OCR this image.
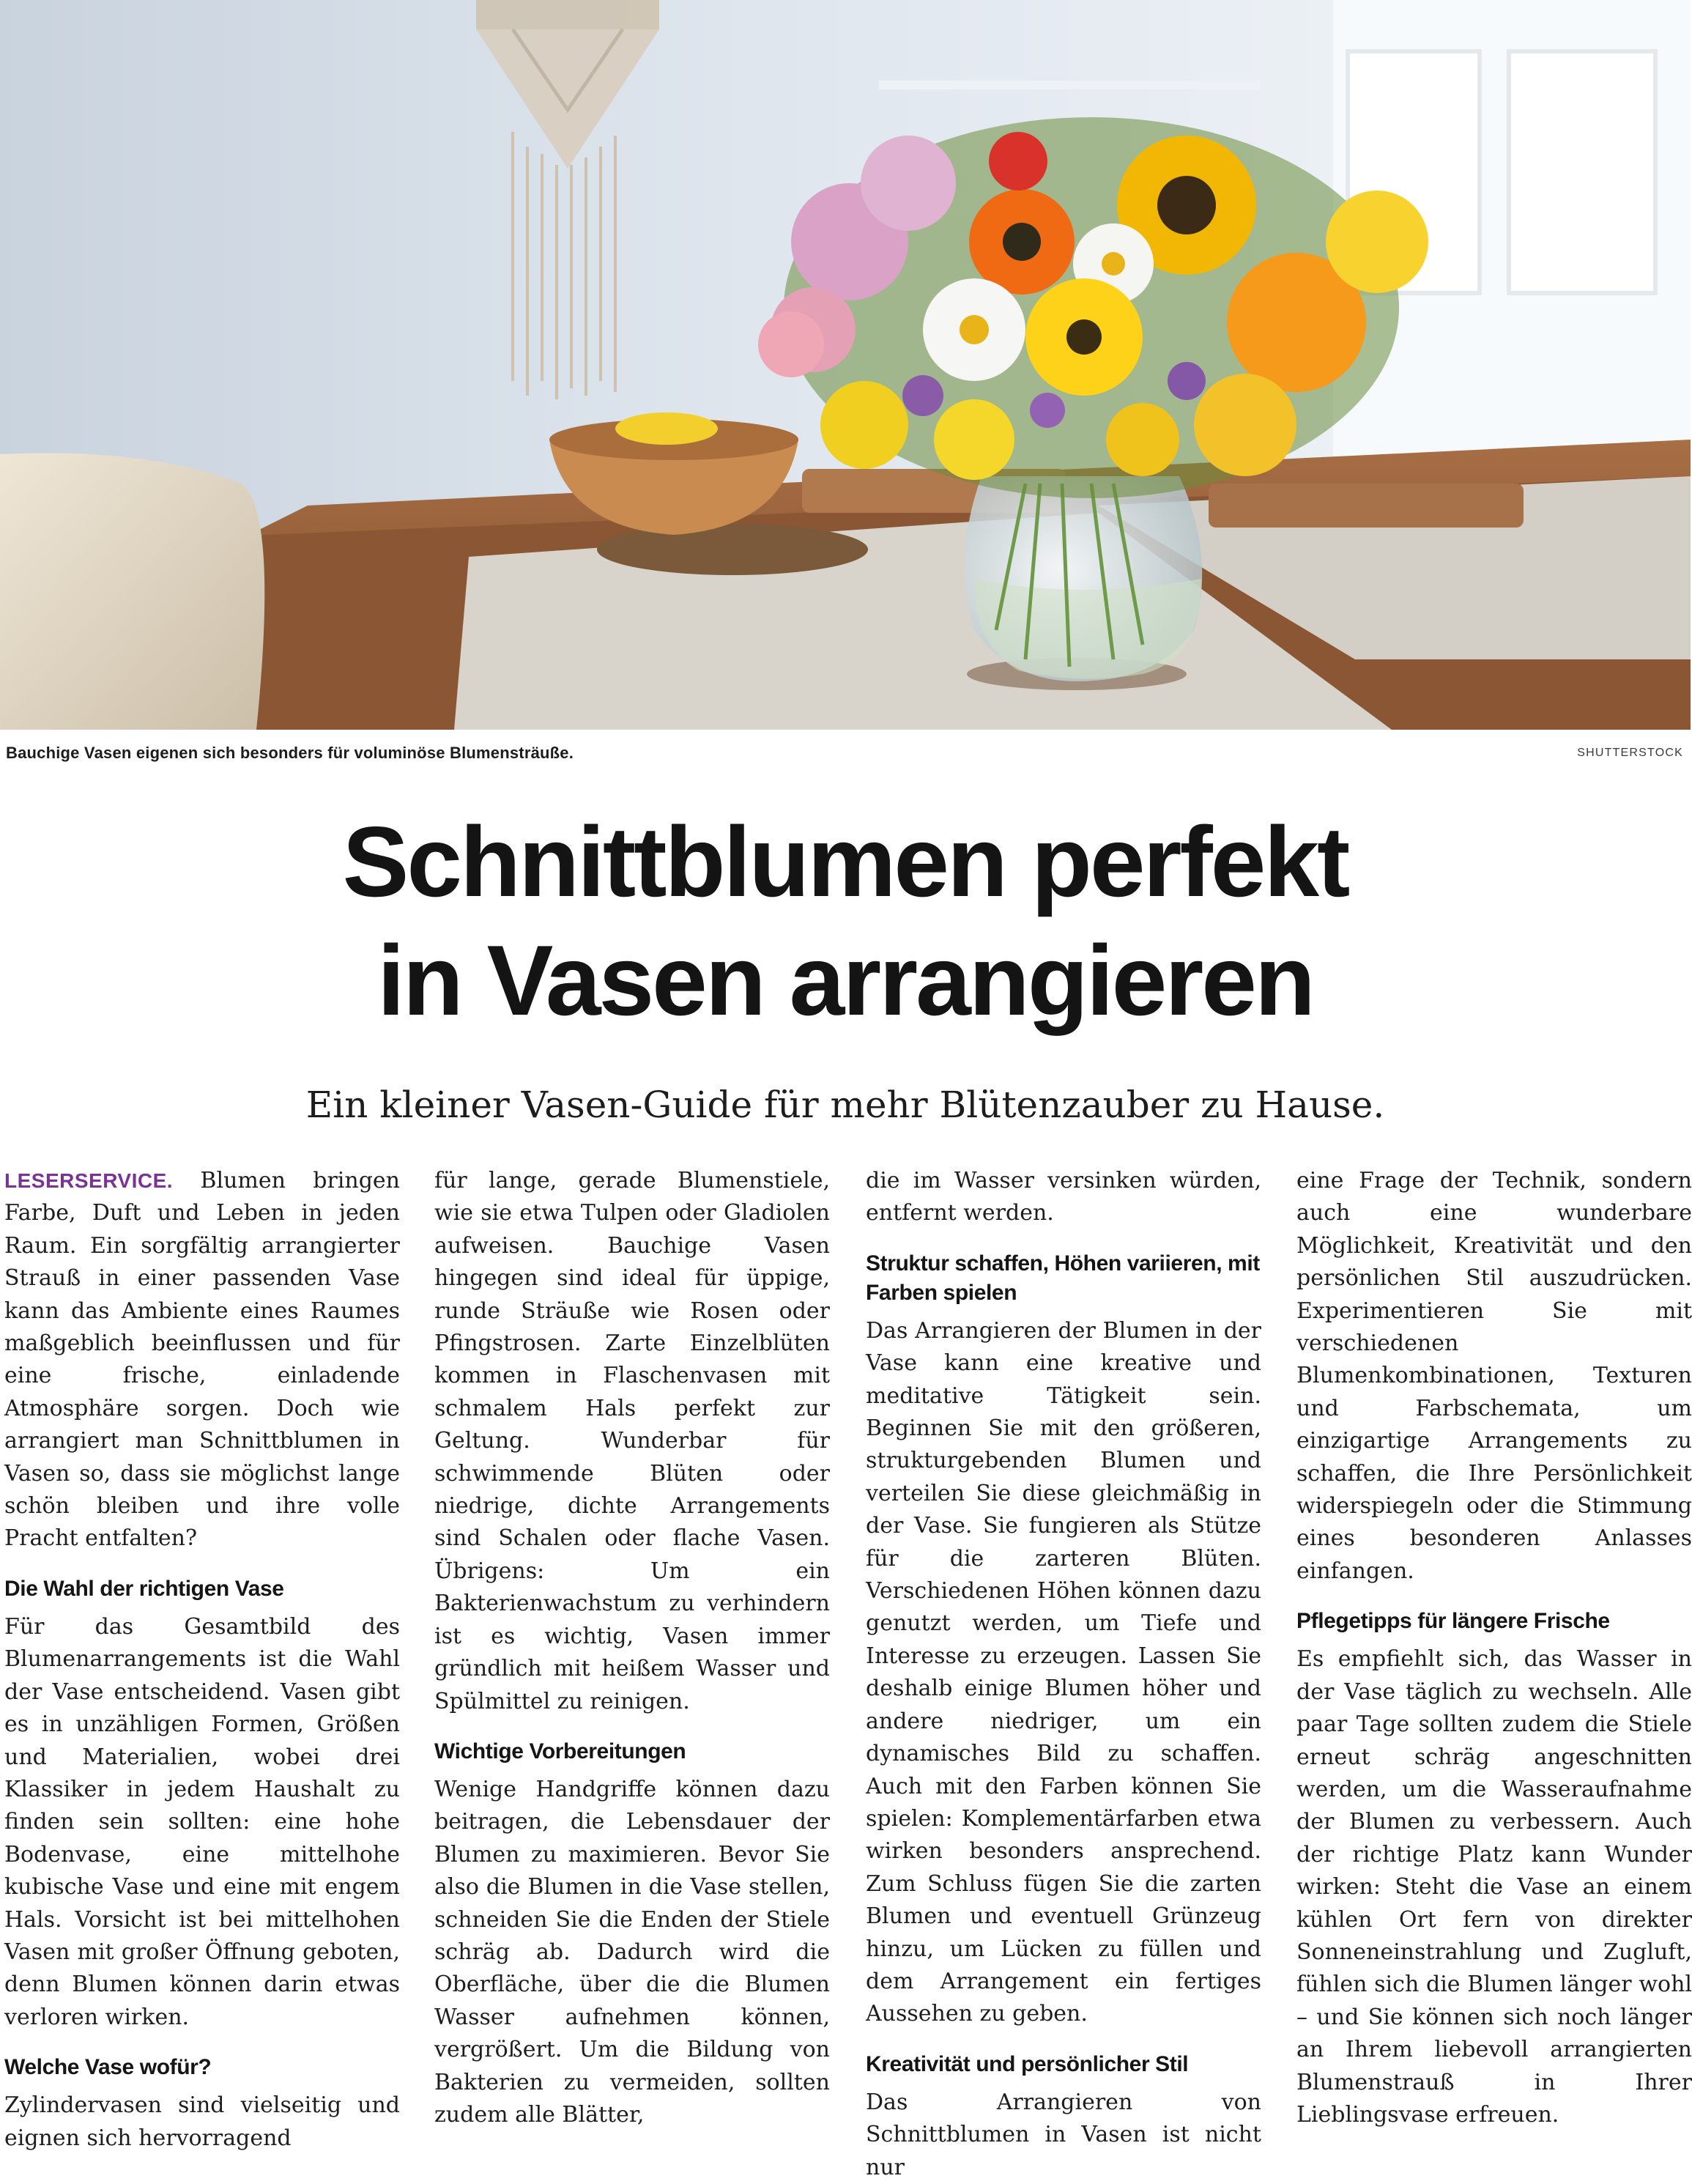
Bauchige Vasen eigenen sich besonders für voluminöse Blumensträuße.	SHUTTERSTOCK
Schnittblumen perfekt
in Vasen arrangieren
Ein kleiner Vasen-Guide für mehr Blütenzauber zu Hause.

LESERSERVICE. Blumen bringen Farbe, Duft und Leben in jeden Raum. Ein sorgfältig arrangierter Strauß in einer passenden Vase kann das Ambiente eines Raumes maßgeblich beeinflussen und für eine frische, einladende Atmosphäre sorgen. Doch wie arrangiert man Schnittblumen in Vasen so, dass sie möglichst lange schön bleiben und ihre volle Pracht entfalten?

Die Wahl der richtigen Vase

Für das Gesamtbild des Blumenarrangements ist die Wahl der Vase entscheidend. Vasen gibt es in unzähligen Formen, Größen und Materialien, wobei drei Klassiker in jedem Haushalt zu finden sein sollten: eine hohe Bodenvase, eine mittelhohe kubische Vase und eine mit engem Hals. Vorsicht ist bei mittelhohen Vasen mit großer Öffnung geboten, denn Blumen können darin etwas verloren wirken.

Welche Vase wofür?

Zylindervasen sind vielseitig und eignen sich hervorragend

für lange, gerade Blumenstiele, wie sie etwa Tulpen oder Gladiolen aufweisen. Bauchige Vasen hingegen sind ideal für üppige, runde Sträuße wie Rosen oder Pfingstrosen. Zarte Einzelblüten kommen in Flaschenvasen mit schmalem Hals perfekt zur Geltung. Wunderbar für schwimmende Blüten oder niedrige, dichte Arrangements sind Schalen oder flache Vasen. Übrigens: Um ein Bakterienwachstum zu verhindern ist es wichtig, Vasen immer gründlich mit heißem Wasser und Spülmittel zu reinigen.

Wichtige Vorbereitungen

Wenige Handgriffe können dazu beitragen, die Lebensdauer der Blumen zu maximieren. Bevor Sie also die Blumen in die Vase stellen, schneiden Sie die Enden der Stiele schräg ab. Dadurch wird die Oberfläche, über die die Blumen Wasser aufnehmen können, vergrößert. Um die Bildung von Bakterien zu vermeiden, sollten zudem alle Blätter,

die im Wasser versinken würden, entfernt werden.

Struktur schaffen, Höhen variieren, mit Farben spielen

Das Arrangieren der Blumen in der Vase kann eine kreative und meditative Tätigkeit sein. Beginnen Sie mit den größeren, strukturgebenden Blumen und verteilen Sie diese gleichmäßig in der Vase. Sie fungieren als Stütze für die zarteren Blüten. Verschiedenen Höhen können dazu genutzt werden, um Tiefe und Interesse zu erzeugen. Lassen Sie deshalb einige Blumen höher und andere niedriger, um ein dynamisches Bild zu schaffen. Auch mit den Farben können Sie spielen: Komplementärfarben etwa wirken besonders ansprechend. Zum Schluss fügen Sie die zarten Blumen und eventuell Grünzeug hinzu, um Lücken zu füllen und dem Arrangement ein fertiges Aussehen zu geben.

Kreativität und persönlicher Stil

Das Arrangieren von Schnittblumen in Vasen ist nicht nur

eine Frage der Technik, sondern auch eine wunderbare Möglichkeit, Kreativität und den persönlichen Stil auszudrücken. Experimentieren Sie mit verschiedenen Blumenkombinationen, Texturen und Farbschemata, um einzigartige Arrangements zu schaffen, die Ihre Persönlichkeit widerspiegeln oder die Stimmung eines besonderen Anlasses einfangen.

Pflegetipps für längere Frische

Es empfiehlt sich, das Wasser in der Vase täglich zu wechseln. Alle paar Tage sollten zudem die Stiele erneut schräg angeschnitten werden, um die Wasseraufnahme der Blumen zu verbessern. Auch der richtige Platz kann Wunder wirken: Steht die Vase an einem kühlen Ort fern von direkter Sonneneinstrahlung und Zugluft, fühlen sich die Blumen länger wohl – und Sie können sich noch länger an Ihrem liebevoll arrangierten Blumenstrauß in Ihrer Lieblingsvase erfreuen.
